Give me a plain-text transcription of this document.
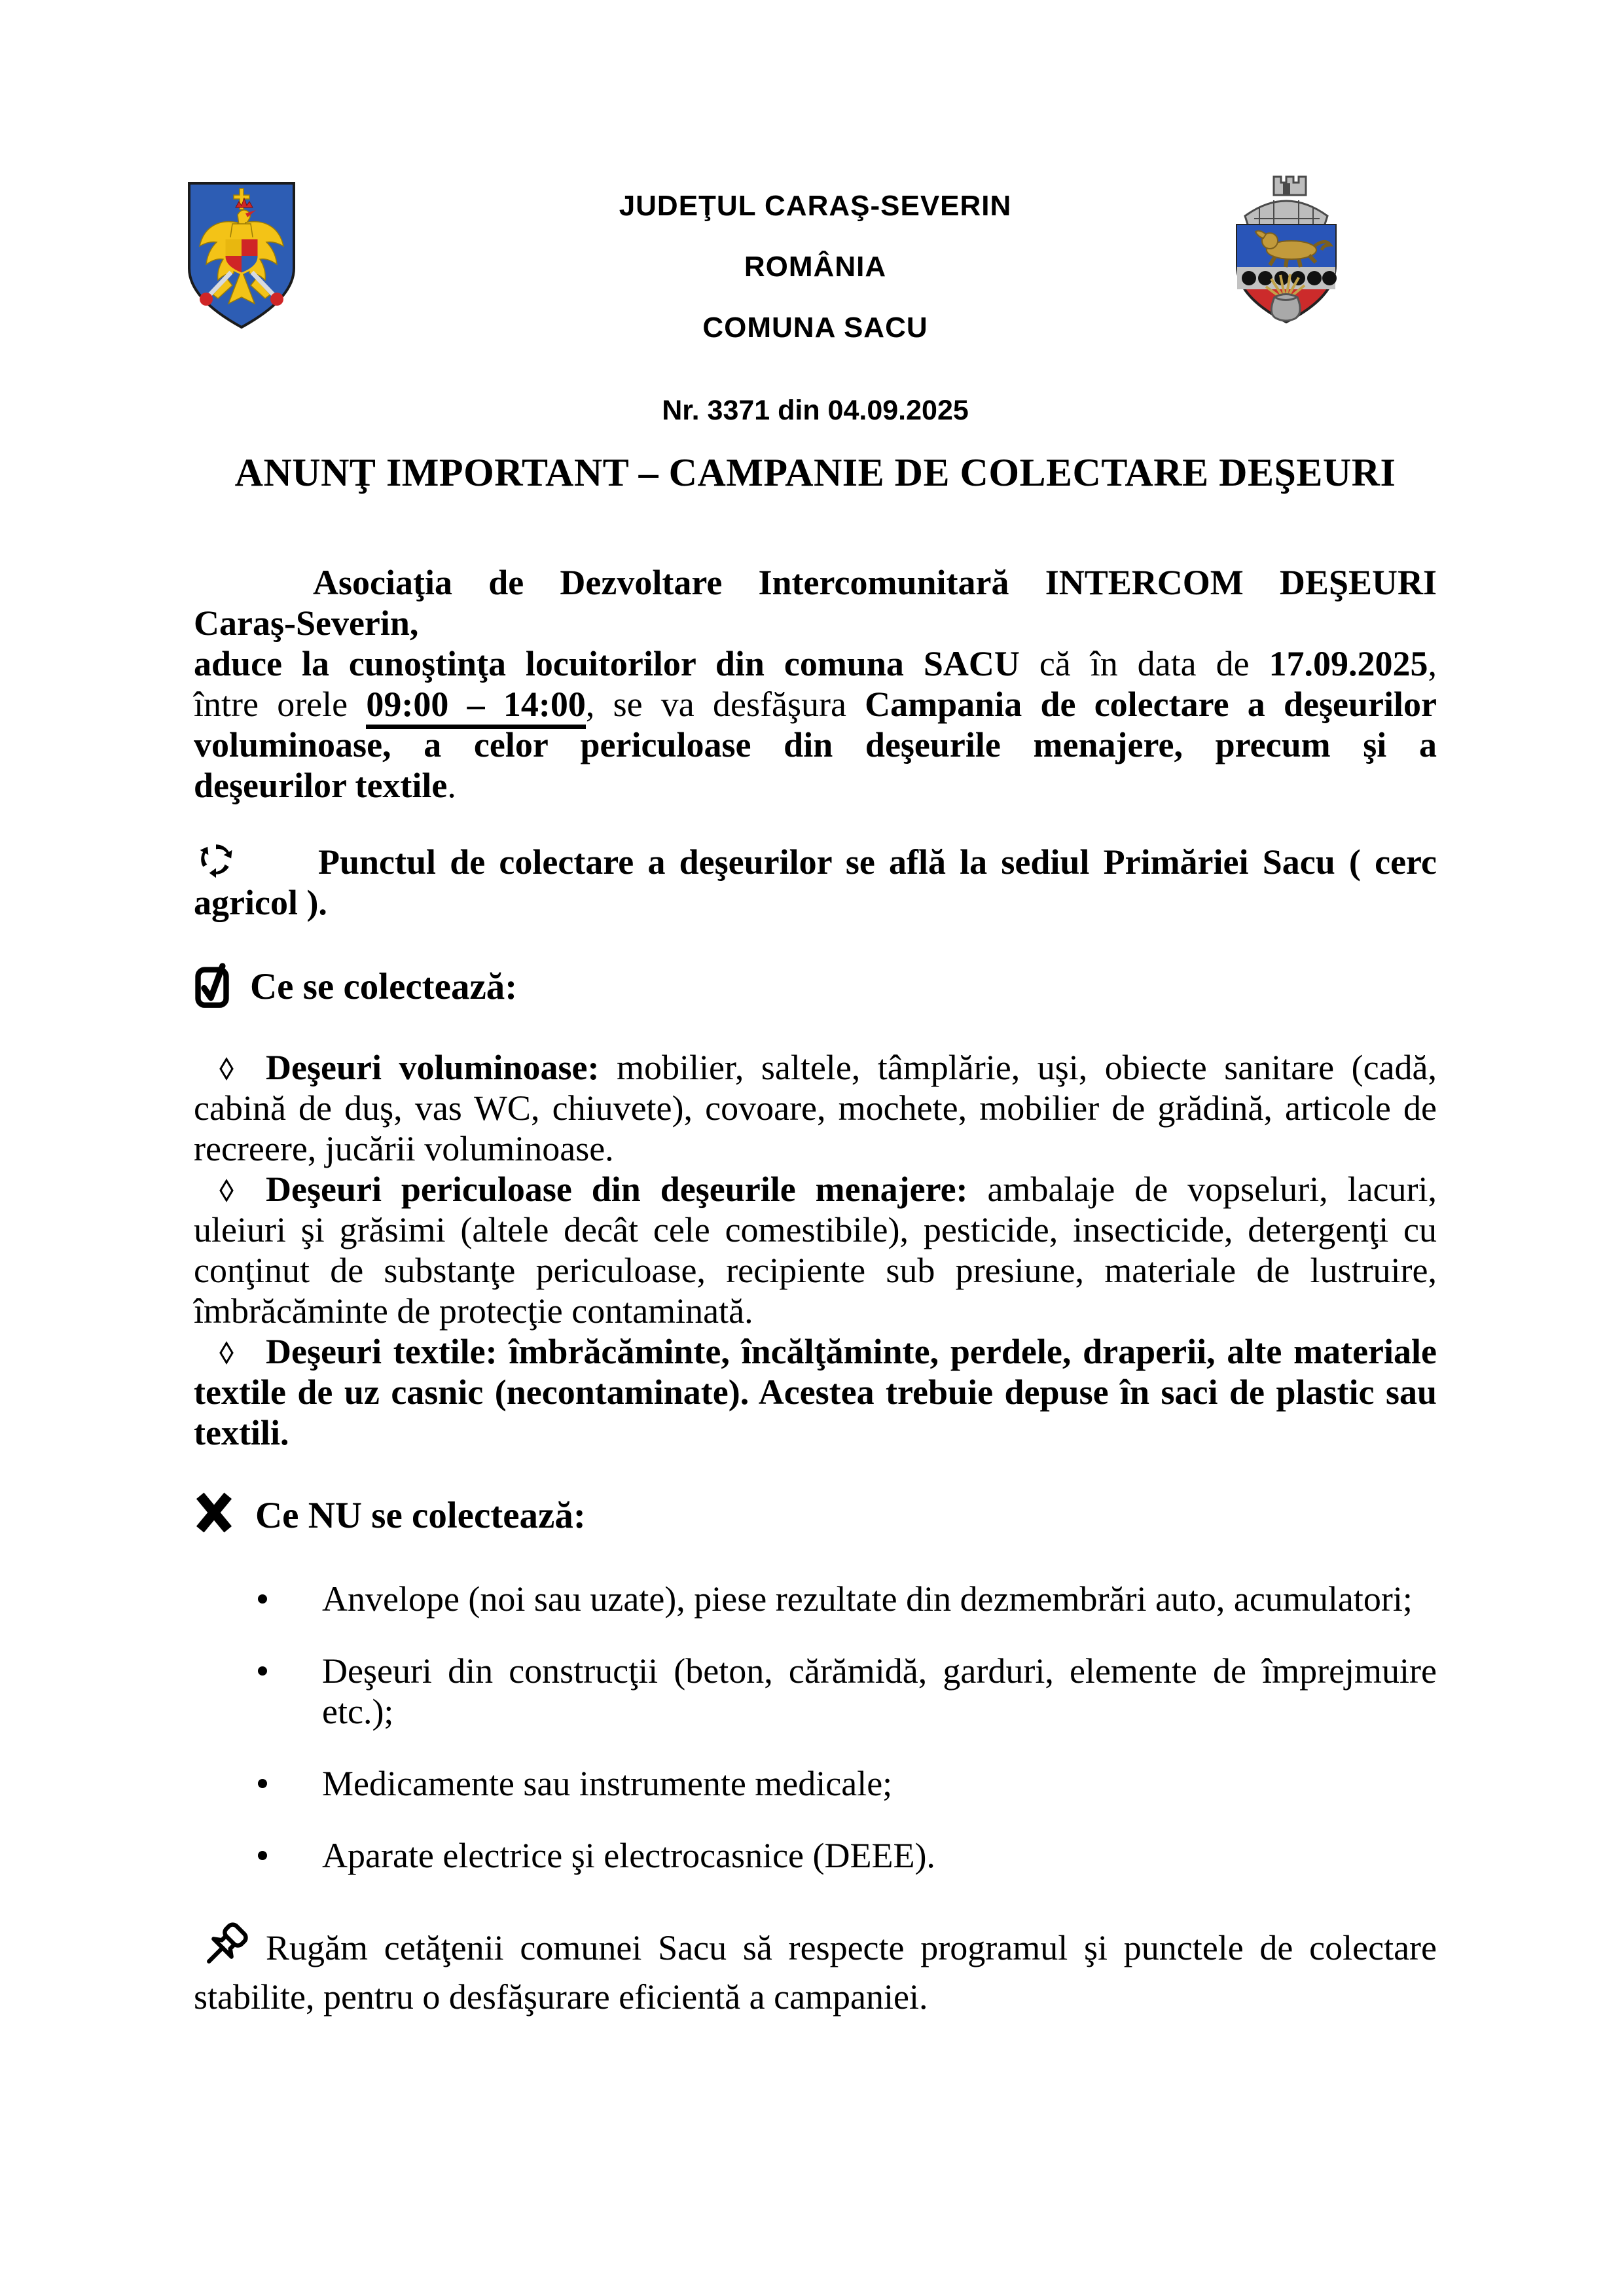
JUDEŢUL CARAŞ-SEVERIN
ROMÂNIA
COMUNA SACU
Nr. 3371 din 04.09.2025
ANUNŢ IMPORTANT – CAMPANIE DE COLECTARE DEŞEURI
Asociaţia de Dezvoltare Intercomunitară INTERCOM DEŞEURI
Caraş-Severin,
aduce la cunoştinţa locuitorilor din comuna SACU că în data de 17.09.2025,
între orele 09:00 – 14:00, se va desfăşura Campania de colectare a deşeurilor
voluminoase, a celor periculoase din deşeurile menajere, precum şi a
deşeurilor textile.

Punctul de colectare a deşeurilor se află la sediul Primăriei Sacu ( cerc agricol ).

Ce se colectează:

Deşeuri voluminoase: mobilier, saltele, tâmplărie, uşi, obiecte sanitare (cadă, cabină de duş, vas WC, chiuvete), covoare, mochete, mobilier de grădină, articole de recreere, jucării voluminoase.

Deşeuri periculoase din deşeurile menajere: ambalaje de vopseluri, lacuri, uleiuri şi grăsimi (altele decât cele comestibile), pesticide, insecticide, detergenţi cu conţinut de substanţe periculoase, recipiente sub presiune, materiale de lustruire, îmbrăcăminte de protecţie contaminată.

Deşeuri textile: îmbrăcăminte, încălţăminte, perdele, draperii, alte materiale textile de uz casnic (necontaminate). Acestea trebuie depuse în saci de plastic sau textili.

Ce NU se colectează:
Anvelope (noi sau uzate), piese rezultate din dezmembrări auto, acumulatori;
Deşeuri din construcţii (beton, cărămidă, garduri, elemente de împrejmuire etc.);
Medicamente sau instrumente medicale;
Aparate electrice şi electrocasnice (DEEE).

Rugăm cetăţenii comunei Sacu să respecte programul şi punctele de colectare stabilite, pentru o desfăşurare eficientă a campaniei.
